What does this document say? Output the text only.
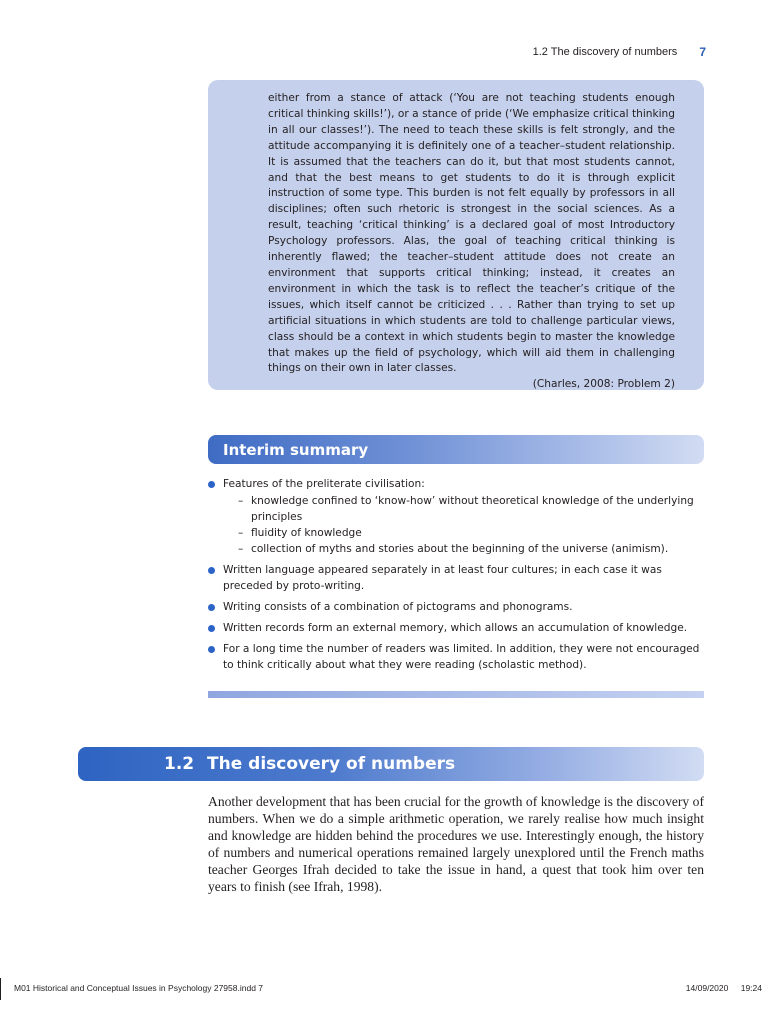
1.2 The discovery of numbers 7
either from a stance of attack (‘You are not teaching students enough critical thinking skills!’), or a stance of pride (‘We emphasize critical thinking in all our classes!’). The need to teach these skills is felt strongly, and the attitude accompanying it is definitely one of a teacher–student relationship. It is assumed that the teachers can do it, but that most students cannot, and that the best means to get students to do it is through explicit instruction of some type. This burden is not felt equally by professors in all disciplines; often such rhetoric is strongest in the social sciences. As a result, teaching ‘critical thinking’ is a declared goal of most Introductory Psychology professors. Alas, the goal of teaching critical thinking is inherently flawed; the teacher–student attitude does not create an environment that supports critical thinking; instead, it creates an environment in which the task is to reflect the teacher’s critique of the issues, which itself cannot be criticized . . . Rather than trying to set up artificial situations in which students are told to challenge particular views, class should be a context in which students begin to master the knowledge that makes up the field of psychology, which will aid them in challenging things on their own in later classes.
(Charles, 2008: Problem 2)
Interim summary
Features of the preliterate civilisation:
– knowledge confined to ‘know-how’ without theoretical knowledge of the underlying principles
– fluidity of knowledge
– collection of myths and stories about the beginning of the universe (animism).
Written language appeared separately in at least four cultures; in each case it was preceded by proto-writing.
Writing consists of a combination of pictograms and phonograms.
Written records form an external memory, which allows an accumulation of knowledge.
For a long time the number of readers was limited. In addition, they were not encouraged to think critically about what they were reading (scholastic method).
1.2 The discovery of numbers
Another development that has been crucial for the growth of knowledge is the discovery of numbers. When we do a simple arithmetic operation, we rarely realise how much insight and knowledge are hidden behind the procedures we use. Interestingly enough, the history of numbers and numerical operations remained largely unexplored until the French maths teacher Georges Ifrah decided to take the issue in hand, a quest that took him over ten years to finish (see Ifrah, 1998).
M01 Historical and Conceptual Issues in Psychology 27958.indd 7	14/09/2020 19:24
